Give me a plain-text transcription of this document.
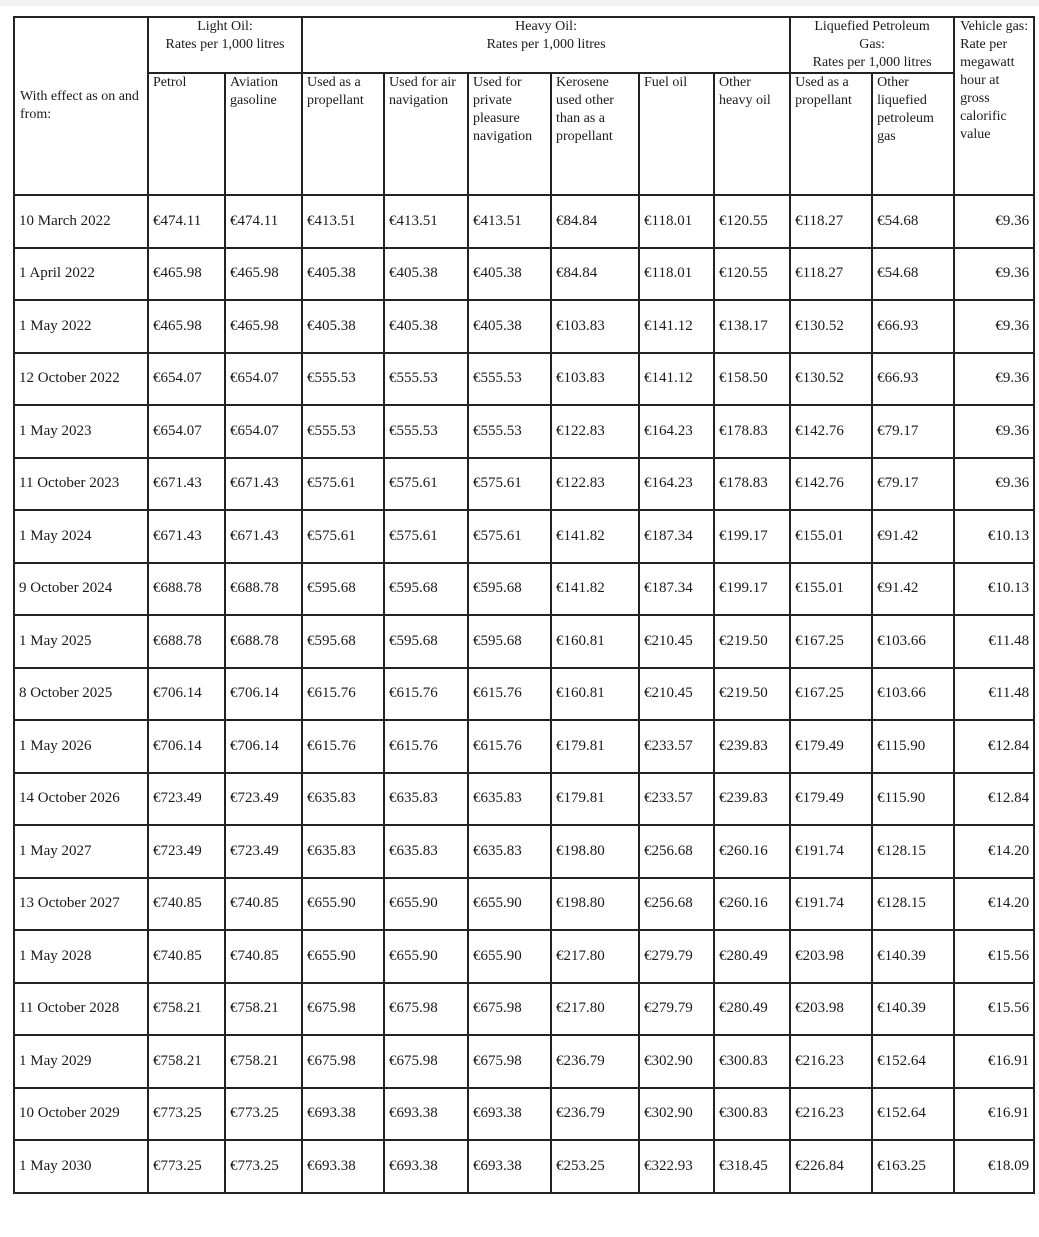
With effect as on and from:	Light Oil:
Rates per 1,000 litres		Heavy Oil:
Rates per 1,000 litres						Liquefied Petroleum
Gas:
Rates per 1,000 litres		Vehicle gas: Rate per megawatt hour at gross calorific value
	Petrol	Aviation gasoline	Used as a propellant	Used for air navigation	Used for private pleasure navigation	Kerosene used other than as a propellant	Fuel oil	Other heavy oil	Used as a propellant	Other liquefied petroleum gas	
10 March 2022	€474.11	€474.11	€413.51	€413.51	€413.51	€84.84	€118.01	€120.55	€118.27	€54.68	€9.36
1 April 2022	€465.98	€465.98	€405.38	€405.38	€405.38	€84.84	€118.01	€120.55	€118.27	€54.68	€9.36
1 May 2022	€465.98	€465.98	€405.38	€405.38	€405.38	€103.83	€141.12	€138.17	€130.52	€66.93	€9.36
12 October 2022	€654.07	€654.07	€555.53	€555.53	€555.53	€103.83	€141.12	€158.50	€130.52	€66.93	€9.36
1 May 2023	€654.07	€654.07	€555.53	€555.53	€555.53	€122.83	€164.23	€178.83	€142.76	€79.17	€9.36
11 October 2023	€671.43	€671.43	€575.61	€575.61	€575.61	€122.83	€164.23	€178.83	€142.76	€79.17	€9.36
1 May 2024	€671.43	€671.43	€575.61	€575.61	€575.61	€141.82	€187.34	€199.17	€155.01	€91.42	€10.13
9 October 2024	€688.78	€688.78	€595.68	€595.68	€595.68	€141.82	€187.34	€199.17	€155.01	€91.42	€10.13
1 May 2025	€688.78	€688.78	€595.68	€595.68	€595.68	€160.81	€210.45	€219.50	€167.25	€103.66	€11.48
8 October 2025	€706.14	€706.14	€615.76	€615.76	€615.76	€160.81	€210.45	€219.50	€167.25	€103.66	€11.48
1 May 2026	€706.14	€706.14	€615.76	€615.76	€615.76	€179.81	€233.57	€239.83	€179.49	€115.90	€12.84
14 October 2026	€723.49	€723.49	€635.83	€635.83	€635.83	€179.81	€233.57	€239.83	€179.49	€115.90	€12.84
1 May 2027	€723.49	€723.49	€635.83	€635.83	€635.83	€198.80	€256.68	€260.16	€191.74	€128.15	€14.20
13 October 2027	€740.85	€740.85	€655.90	€655.90	€655.90	€198.80	€256.68	€260.16	€191.74	€128.15	€14.20
1 May 2028	€740.85	€740.85	€655.90	€655.90	€655.90	€217.80	€279.79	€280.49	€203.98	€140.39	€15.56
11 October 2028	€758.21	€758.21	€675.98	€675.98	€675.98	€217.80	€279.79	€280.49	€203.98	€140.39	€15.56
1 May 2029	€758.21	€758.21	€675.98	€675.98	€675.98	€236.79	€302.90	€300.83	€216.23	€152.64	€16.91
10 October 2029	€773.25	€773.25	€693.38	€693.38	€693.38	€236.79	€302.90	€300.83	€216.23	€152.64	€16.91
1 May 2030	€773.25	€773.25	€693.38	€693.38	€693.38	€253.25	€322.93	€318.45	€226.84	€163.25	€18.09
